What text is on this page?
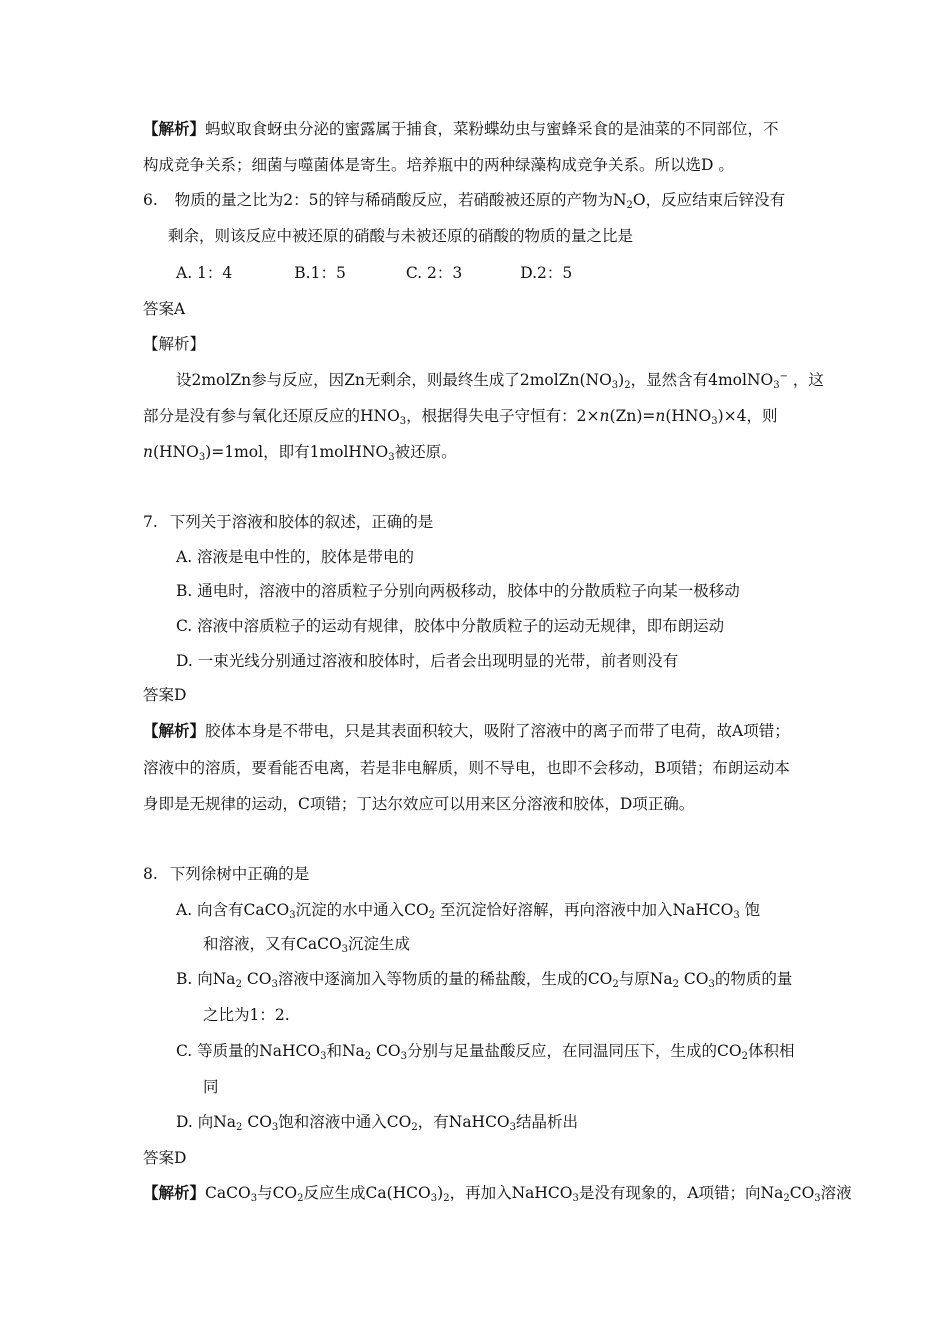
【解析】蚂蚁取食蚜虫分泌的蜜露属于捕食，菜粉蝶幼虫与蜜蜂采食的是油菜的不同部位，不
构成竞争关系；细菌与噬菌体是寄生。培养瓶中的两种绿藻构成竞争关系。所以选D 。
6. 物质的量之比为2：5的锌与稀硝酸反应，若硝酸被还原的产物为$N_2O$，反应结束后锌没有
剩余，则该反应中被还原的硝酸与未被还原的硝酸的物质的量之比是
A. 1：4	B.1：5	C. 2：3	D.2：5
答案A
【解析】
设2molZn参与反应，因Zn无剩余，则最终生成了$2molZn(NO_3)_2$，显然含有4molNO$_3$− ，这
部分是没有参与氧化还原反应的$HNO_3$，根据得失电子守恒有：$2\times n(Zn)=n(HNO_3)\times 4$，则
$n(HNO_3)=1mol$，即有1molHNO$_3$被还原。
7. 下列关于溶液和胶体的叙述，正确的是
A. 溶液是电中性的，胶体是带电的
B. 通电时，溶液中的溶质粒子分别向两极移动，胶体中的分散质粒子向某一极移动
C. 溶液中溶质粒子的运动有规律，胶体中分散质粒子的运动无规律，即布朗运动
D. 一束光线分别通过溶液和胶体时，后者会出现明显的光带，前者则没有
答案D
【解析】胶体本身是不带电，只是其表面积较大，吸附了溶液中的离子而带了电荷，故A项错；
溶液中的溶质，要看能否电离，若是非电解质，则不导电，也即不会移动，B项错；布朗运动本
身即是无规律的运动，C项错；丁达尔效应可以用来区分溶液和胶体，D项正确。
8. 下列徐树中正确的是
A. 向含有CaCO$_3$沉淀的水中通入$CO_2$ 至沉淀恰好溶解，再向溶液中加入NaHCO$_3$ 饱
和溶液，又有CaCO$_3$沉淀生成
B. 向$Na_2$ $CO_3$溶液中逐滴加入等物质的量的稀盐酸，生成的$CO_2$与原$Na_2$ $CO_3$的物质的量
之比为1：2.
C. 等质量的NaHCO$_3$和$Na_2$ $CO_3$分别与足量盐酸反应，在同温同压下，生成的$CO_2$体积相
同
D. 向$Na_2$ $CO_3$饱和溶液中通入$CO_2$，有NaHCO$_3$结晶析出
答案D
【解析】CaCO$_3$与$CO_2$反应生成$Ca(HCO_3)_2$，再加入NaHCO$_3$是没有现象的，A项错；向$Na_2CO_3$溶液
